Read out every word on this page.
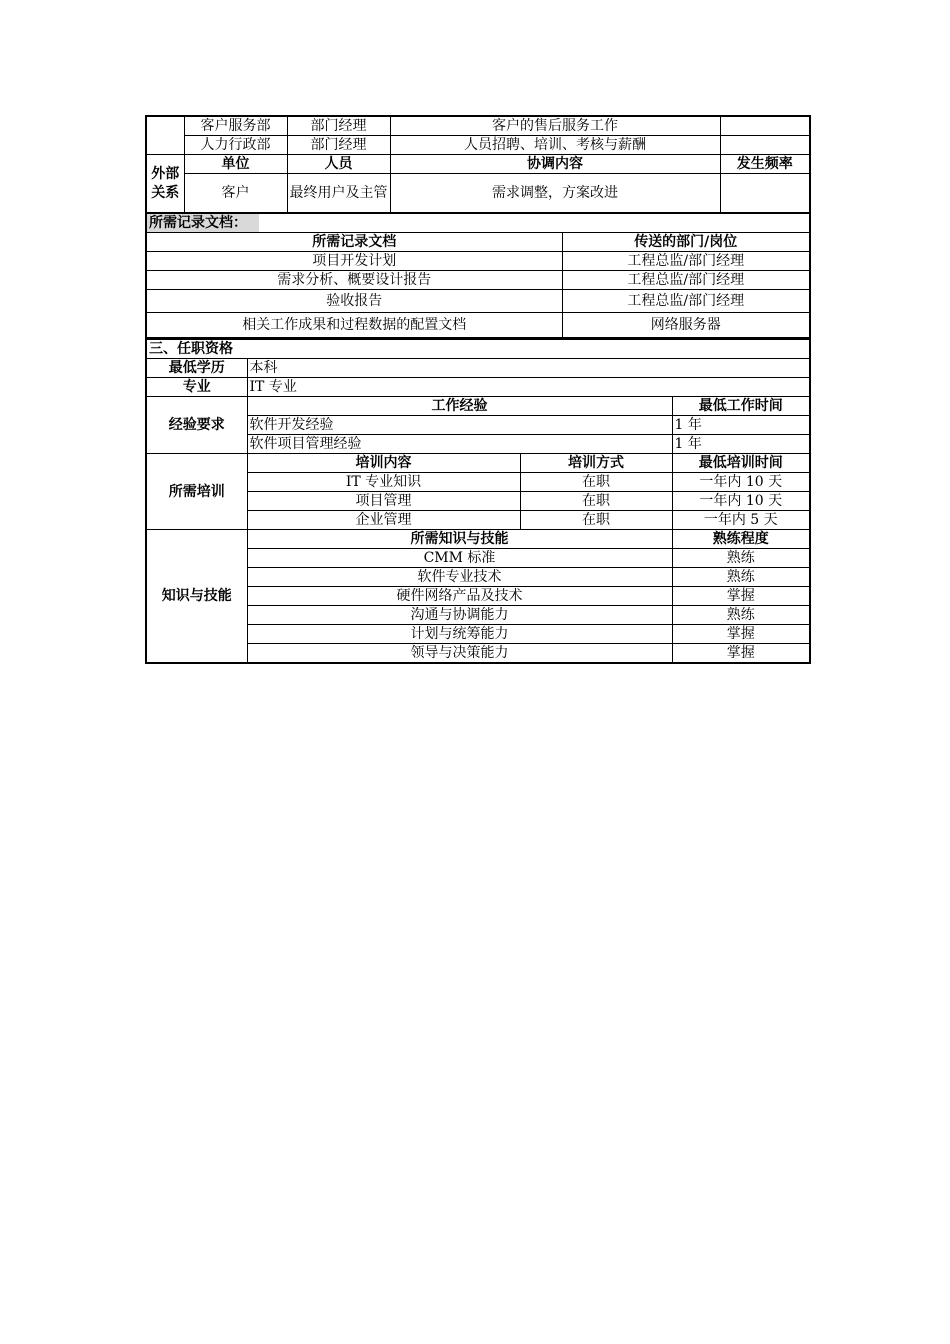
	客户服务部	部门经理	客户的售后服务工作	
	人力行政部	部门经理	人员招聘、培训、考核与薪酬	
外部关系	单位	人员	协调内容	发生频率
	客户	最终用户及主管	需求调整，方案改进	
所需记录文档：	
所需记录文档	传送的部门/岗位
项目开发计划	工程总监/部门经理
需求分析、概要设计报告	工程总监/部门经理
验收报告	工程总监/部门经理
相关工作成果和过程数据的配置文档	网络服务器
三、任职资格			
最低学历	本科		
专业	IT 专业		
经验要求	工作经验		最低工作时间
	软件开发经验		1 年
	软件项目管理经验		1 年
所需培训	培训内容	培训方式	最低培训时间
	IT 专业知识	在职	一年内 10 天
	项目管理	在职	一年内 10 天
	企业管理	在职	一年内 5 天
知识与技能	所需知识与技能		熟练程度
	CMM 标准		熟练
	软件专业技术		熟练
	硬件网络产品及技术		掌握
	沟通与协调能力		熟练
	计划与统筹能力		掌握
	领导与决策能力		掌握
